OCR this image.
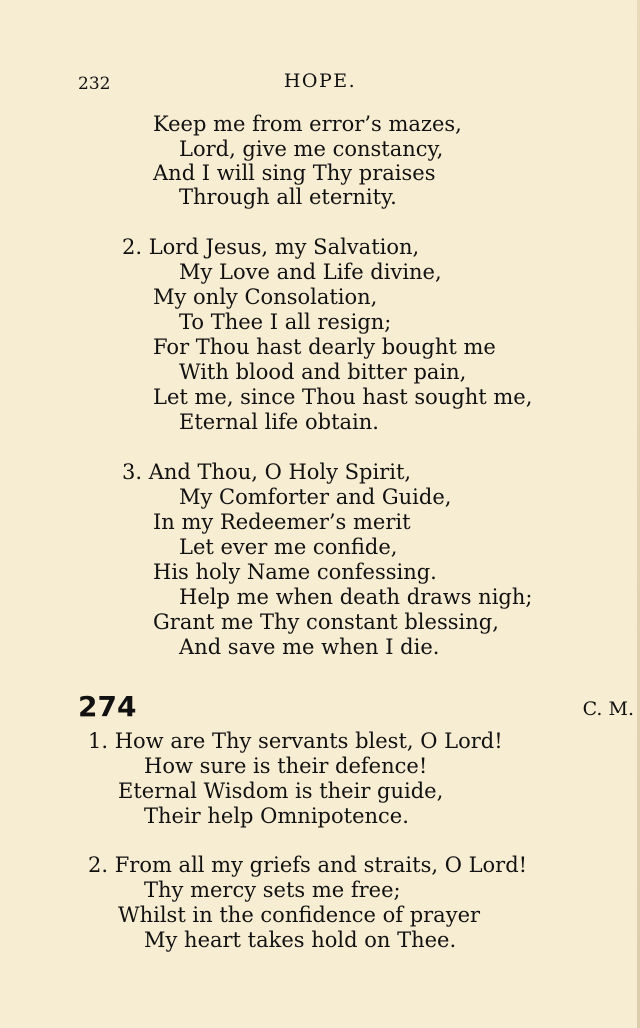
232	HOPE.
Keep me from error’s mazes,
Lord, give me constancy,
And I will sing Thy praises
Through all eternity.
2. Lord Jesus, my Salvation,
My Love and Life divine,
My only Consolation,
To Thee I all resign;
For Thou hast dearly bought me
With blood and bitter pain,
Let me, since Thou hast sought me,
Eternal life obtain.
3. And Thou, O Holy Spirit,
My Comforter and Guide,
In my Redeemer’s merit
Let ever me confide,
His holy Name confessing.
Help me when death draws nigh;
Grant me Thy constant blessing,
And save me when I die.
274	C. M.
1. How are Thy servants blest, O Lord!
How sure is their defence!
Eternal Wisdom is their guide,
Their help Omnipotence.
2. From all my griefs and straits, O Lord!
Thy mercy sets me free;
Whilst in the confidence of prayer
My heart takes hold on Thee.
